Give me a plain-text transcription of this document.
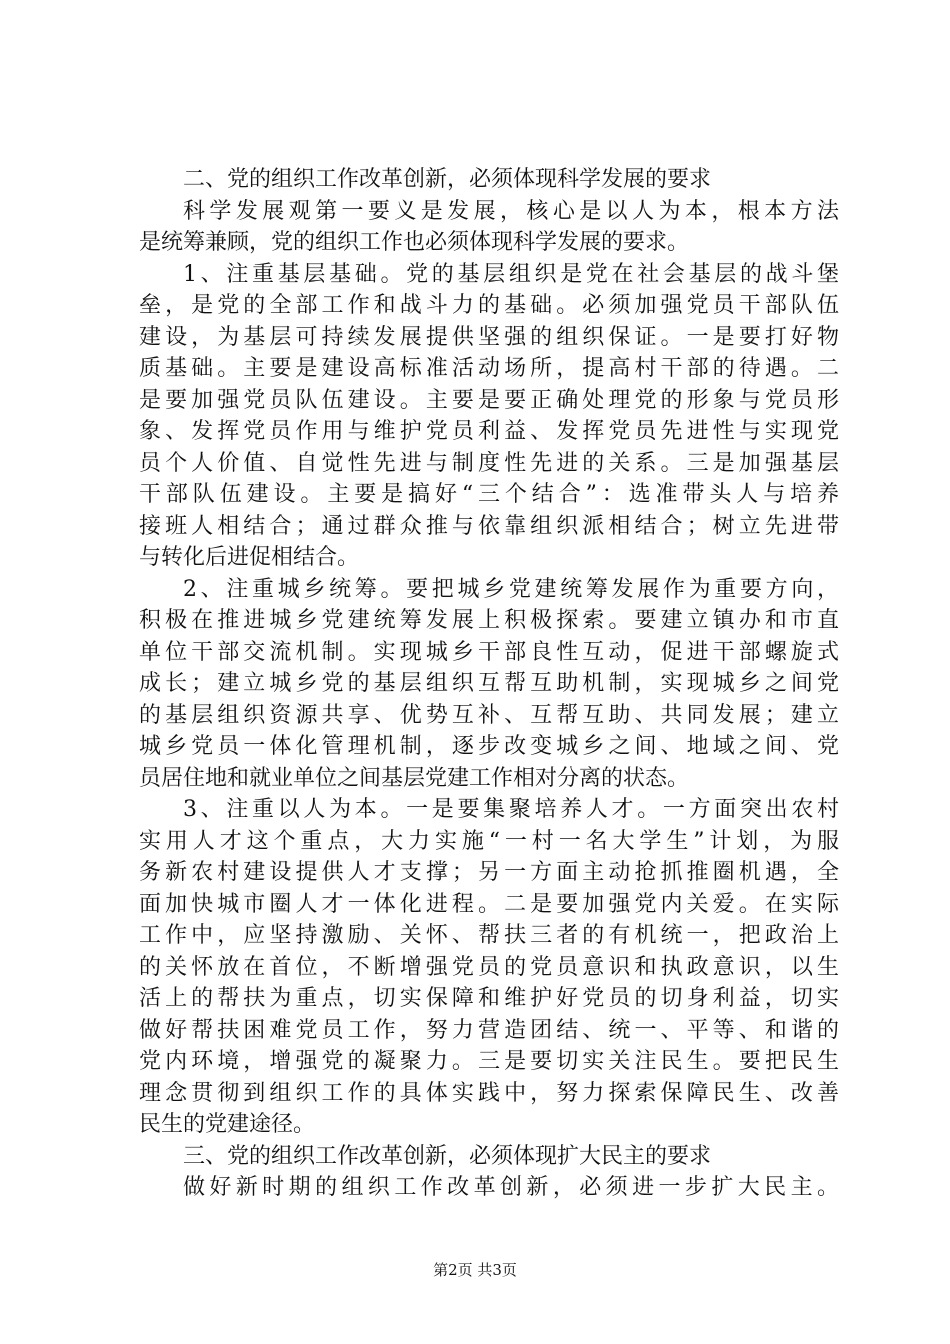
二、党的组织工作改革创新，必须体现科学发展的要求
科学发展观第一要义是发展，核心是以人为本，根本方法
是统筹兼顾，党的组织工作也必须体现科学发展的要求。
1、注重基层基础。党的基层组织是党在社会基层的战斗堡
垒，是党的全部工作和战斗力的基础。必须加强党员干部队伍
建设，为基层可持续发展提供坚强的组织保证。一是要打好物
质基础。主要是建设高标准活动场所，提高村干部的待遇。二
是要加强党员队伍建设。主要是要正确处理党的形象与党员形
象、发挥党员作用与维护党员利益、发挥党员先进性与实现党
员个人价值、自觉性先进与制度性先进的关系。三是加强基层
干部队伍建设。主要是搞好“三个结合”：选准带头人与培养
接班人相结合；通过群众推与依靠组织派相结合；树立先进带
与转化后进促相结合。
2、注重城乡统筹。要把城乡党建统筹发展作为重要方向，
积极在推进城乡党建统筹发展上积极探索。要建立镇办和市直
单位干部交流机制。实现城乡干部良性互动，促进干部螺旋式
成长；建立城乡党的基层组织互帮互助机制，实现城乡之间党
的基层组织资源共享、优势互补、互帮互助、共同发展；建立
城乡党员一体化管理机制，逐步改变城乡之间、地域之间、党
员居住地和就业单位之间基层党建工作相对分离的状态。
3、注重以人为本。一是要集聚培养人才。一方面突出农村
实用人才这个重点，大力实施“一村一名大学生”计划，为服
务新农村建设提供人才支撑；另一方面主动抢抓推圈机遇，全
面加快城市圈人才一体化进程。二是要加强党内关爱。在实际
工作中，应坚持激励、关怀、帮扶三者的有机统一，把政治上
的关怀放在首位，不断增强党员的党员意识和执政意识，以生
活上的帮扶为重点，切实保障和维护好党员的切身利益，切实
做好帮扶困难党员工作，努力营造团结、统一、平等、和谐的
党内环境，增强党的凝聚力。三是要切实关注民生。要把民生
理念贯彻到组织工作的具体实践中，努力探索保障民生、改善
民生的党建途径。
三、党的组织工作改革创新，必须体现扩大民主的要求
做好新时期的组织工作改革创新，必须进一步扩大民主。
第2页 共3页
